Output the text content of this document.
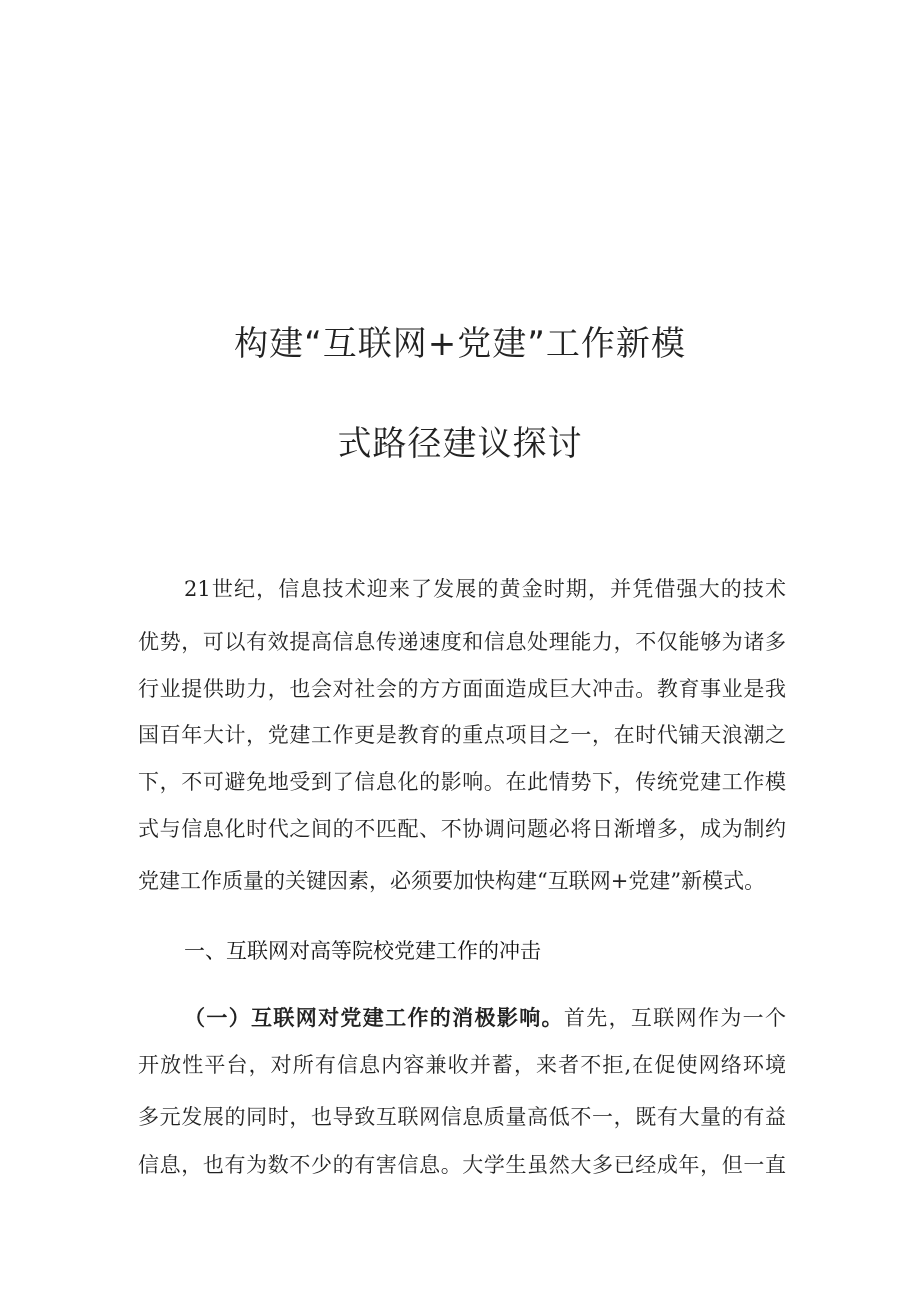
构建“互联网+党建”工作新模
式路径建议探讨
21世纪，信息技术迎来了发展的黄金时期，并凭借强大的技术
优势，可以有效提高信息传递速度和信息处理能力，不仅能够为诸多
行业提供助力，也会对社会的方方面面造成巨大冲击。教育事业是我
国百年大计，党建工作更是教育的重点项目之一，在时代铺天浪潮之
下，不可避免地受到了信息化的影响。在此情势下，传统党建工作模
式与信息化时代之间的不匹配、不协调问题必将日渐增多，成为制约
党建工作质量的关键因素，必须要加快构建“互联网+党建”新模式。
一、互联网对高等院校党建工作的冲击
（一）互联网对党建工作的消极影响。首先，互联网作为一个
开放性平台，对所有信息内容兼收并蓄，来者不拒,在促使网络环境
多元发展的同时，也导致互联网信息质量高低不一，既有大量的有益
信息，也有为数不少的有害信息。大学生虽然大多已经成年，但一直
